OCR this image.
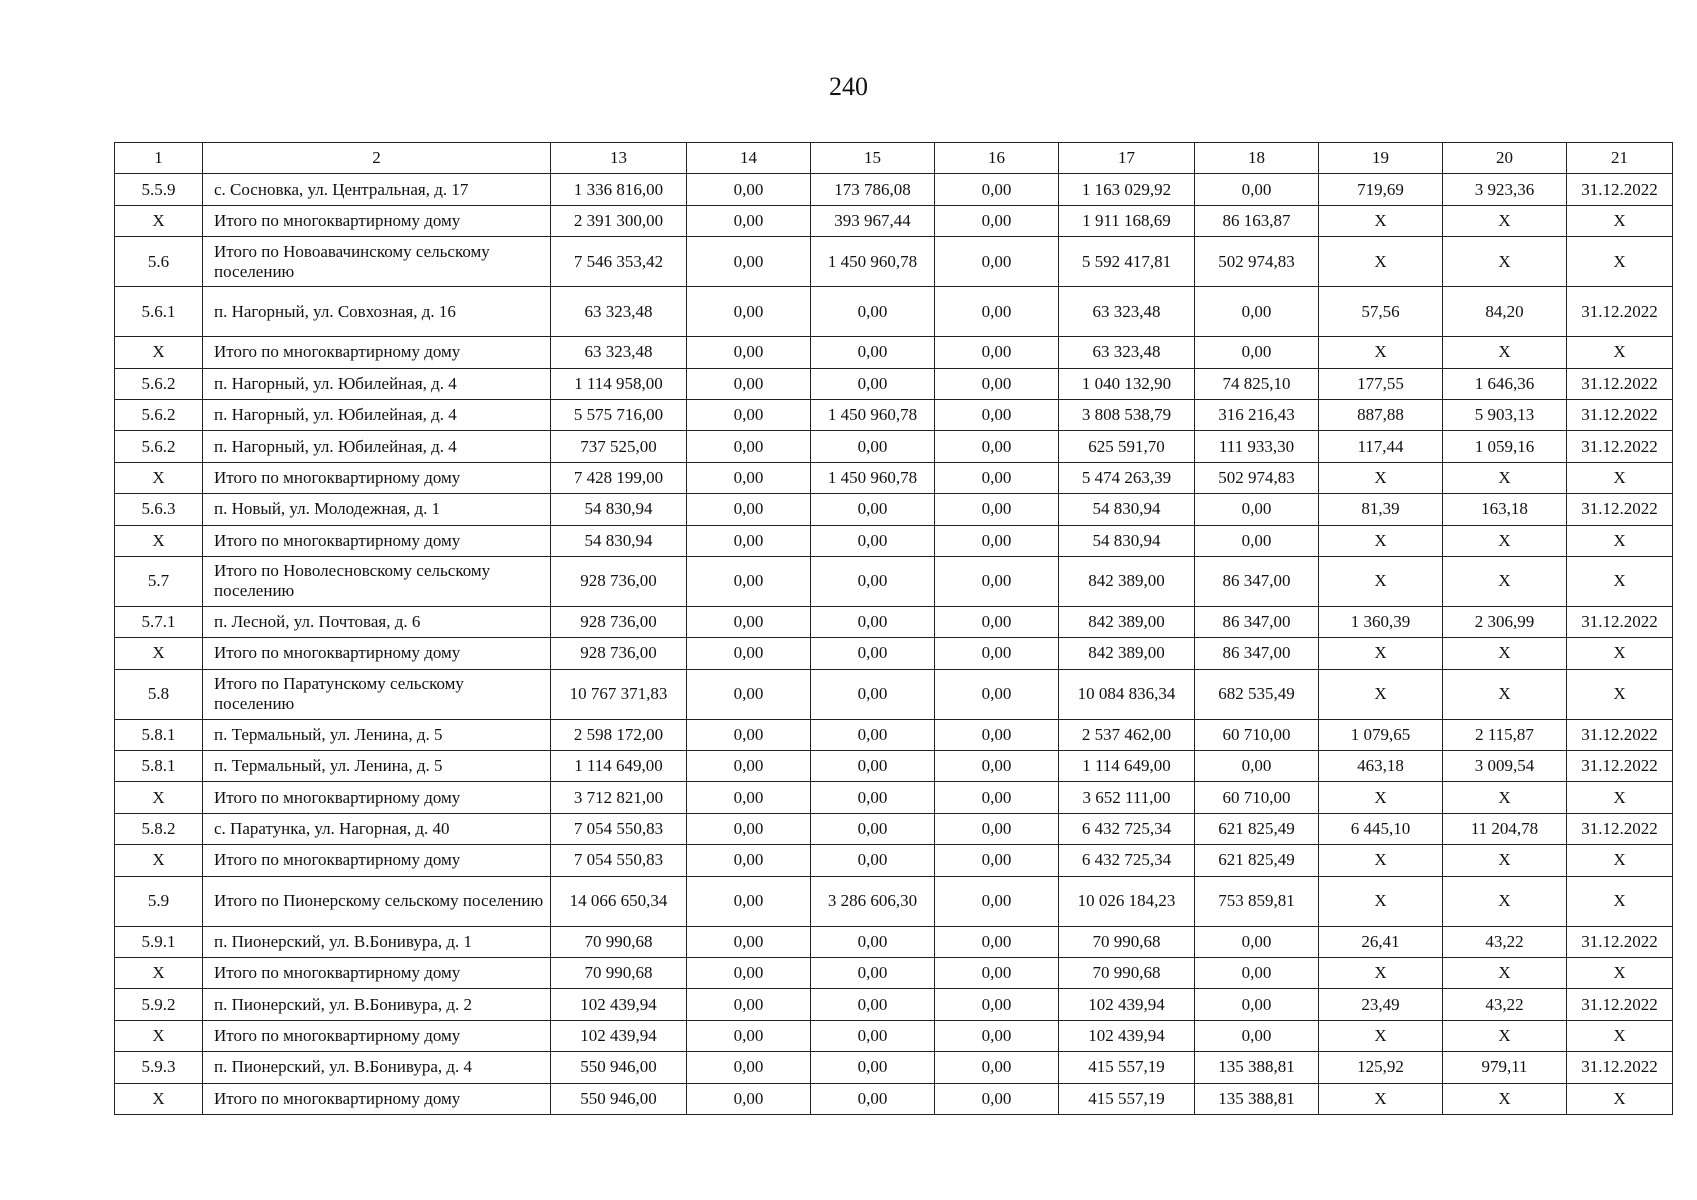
240
1	2	13	14	15	16	17	18	19	20	21
5.5.9	с. Сосновка, ул. Центральная, д. 17	1 336 816,00	0,00	173 786,08	0,00	1 163 029,92	0,00	719,69	3 923,36	31.12.2022
Х	Итого по многоквартирному дому	2 391 300,00	0,00	393 967,44	0,00	1 911 168,69	86 163,87	Х	Х	Х
5.6	Итого по Новоавачинскому сельскому поселению	7 546 353,42	0,00	1 450 960,78	0,00	5 592 417,81	502 974,83	Х	Х	Х
5.6.1	п. Нагорный, ул. Совхозная, д. 16	63 323,48	0,00	0,00	0,00	63 323,48	0,00	57,56	84,20	31.12.2022
Х	Итого по многоквартирному дому	63 323,48	0,00	0,00	0,00	63 323,48	0,00	Х	Х	Х
5.6.2	п. Нагорный, ул. Юбилейная, д. 4	1 114 958,00	0,00	0,00	0,00	1 040 132,90	74 825,10	177,55	1 646,36	31.12.2022
5.6.2	п. Нагорный, ул. Юбилейная, д. 4	5 575 716,00	0,00	1 450 960,78	0,00	3 808 538,79	316 216,43	887,88	5 903,13	31.12.2022
5.6.2	п. Нагорный, ул. Юбилейная, д. 4	737 525,00	0,00	0,00	0,00	625 591,70	111 933,30	117,44	1 059,16	31.12.2022
Х	Итого по многоквартирному дому	7 428 199,00	0,00	1 450 960,78	0,00	5 474 263,39	502 974,83	Х	Х	Х
5.6.3	п. Новый, ул. Молодежная, д. 1	54 830,94	0,00	0,00	0,00	54 830,94	0,00	81,39	163,18	31.12.2022
Х	Итого по многоквартирному дому	54 830,94	0,00	0,00	0,00	54 830,94	0,00	Х	Х	Х
5.7	Итого по Новолесновскому сельскому поселению	928 736,00	0,00	0,00	0,00	842 389,00	86 347,00	Х	Х	Х
5.7.1	п. Лесной, ул. Почтовая, д. 6	928 736,00	0,00	0,00	0,00	842 389,00	86 347,00	1 360,39	2 306,99	31.12.2022
Х	Итого по многоквартирному дому	928 736,00	0,00	0,00	0,00	842 389,00	86 347,00	Х	Х	Х
5.8	Итого по Паратунскому сельскому поселению	10 767 371,83	0,00	0,00	0,00	10 084 836,34	682 535,49	Х	Х	Х
5.8.1	п. Термальный, ул. Ленина, д. 5	2 598 172,00	0,00	0,00	0,00	2 537 462,00	60 710,00	1 079,65	2 115,87	31.12.2022
5.8.1	п. Термальный, ул. Ленина, д. 5	1 114 649,00	0,00	0,00	0,00	1 114 649,00	0,00	463,18	3 009,54	31.12.2022
Х	Итого по многоквартирному дому	3 712 821,00	0,00	0,00	0,00	3 652 111,00	60 710,00	Х	Х	Х
5.8.2	с. Паратунка, ул. Нагорная, д. 40	7 054 550,83	0,00	0,00	0,00	6 432 725,34	621 825,49	6 445,10	11 204,78	31.12.2022
Х	Итого по многоквартирному дому	7 054 550,83	0,00	0,00	0,00	6 432 725,34	621 825,49	Х	Х	Х
5.9	Итого по Пионерскому сельскому поселению	14 066 650,34	0,00	3 286 606,30	0,00	10 026 184,23	753 859,81	Х	Х	Х
5.9.1	п. Пионерский, ул. В.Бонивура, д. 1	70 990,68	0,00	0,00	0,00	70 990,68	0,00	26,41	43,22	31.12.2022
Х	Итого по многоквартирному дому	70 990,68	0,00	0,00	0,00	70 990,68	0,00	Х	Х	Х
5.9.2	п. Пионерский, ул. В.Бонивура, д. 2	102 439,94	0,00	0,00	0,00	102 439,94	0,00	23,49	43,22	31.12.2022
Х	Итого по многоквартирному дому	102 439,94	0,00	0,00	0,00	102 439,94	0,00	Х	Х	Х
5.9.3	п. Пионерский, ул. В.Бонивура, д. 4	550 946,00	0,00	0,00	0,00	415 557,19	135 388,81	125,92	979,11	31.12.2022
Х	Итого по многоквартирному дому	550 946,00	0,00	0,00	0,00	415 557,19	135 388,81	Х	Х	Х
